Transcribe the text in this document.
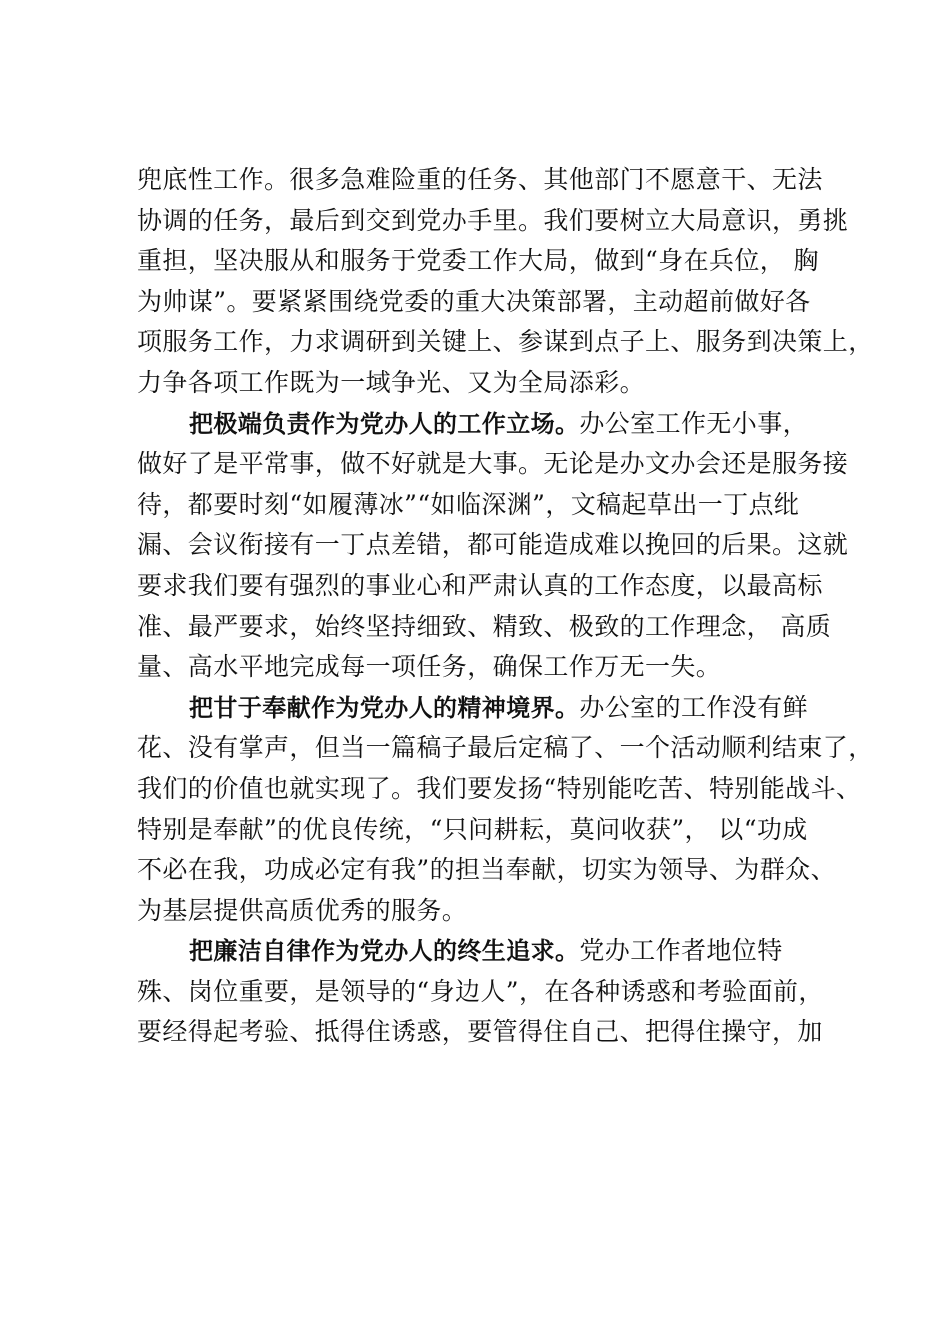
兜底性工作。很多急难险重的任务、其他部门不愿意干、无法
协调的任务，最后到交到党办手里。我们要树立大局意识，勇挑
重担，坚决服从和服务于党委工作大局，做到“身在兵位， 胸
为帅谋”。要紧紧围绕党委的重大决策部署，主动超前做好各
项服务工作，力求调研到关键上、参谋到点子上、服务到决策上，
力争各项工作既为一域争光、又为全局添彩。
把极端负责作为党办人的工作立场。办公室工作无小事，
做好了是平常事，做不好就是大事。无论是办文办会还是服务接
待，都要时刻“如履薄冰”“如临深渊”，文稿起草出一丁点纰
漏、会议衔接有一丁点差错，都可能造成难以挽回的后果。这就
要求我们要有强烈的事业心和严肃认真的工作态度，以最高标
准、最严要求，始终坚持细致、精致、极致的工作理念， 高质
量、高水平地完成每一项任务，确保工作万无一失。
把甘于奉献作为党办人的精神境界。办公室的工作没有鲜
花、没有掌声，但当一篇稿子最后定稿了、一个活动顺利结束了，
我们的价值也就实现了。我们要发扬“特别能吃苦、特别能战斗、
特别是奉献”的优良传统，“只问耕耘，莫问收获”， 以“功成
不必在我，功成必定有我”的担当奉献，切实为领导、为群众、
为基层提供高质优秀的服务。
把廉洁自律作为党办人的终生追求。党办工作者地位特
殊、岗位重要，是领导的“身边人”，在各种诱惑和考验面前，
要经得起考验、抵得住诱惑，要管得住自己、把得住操守，加
